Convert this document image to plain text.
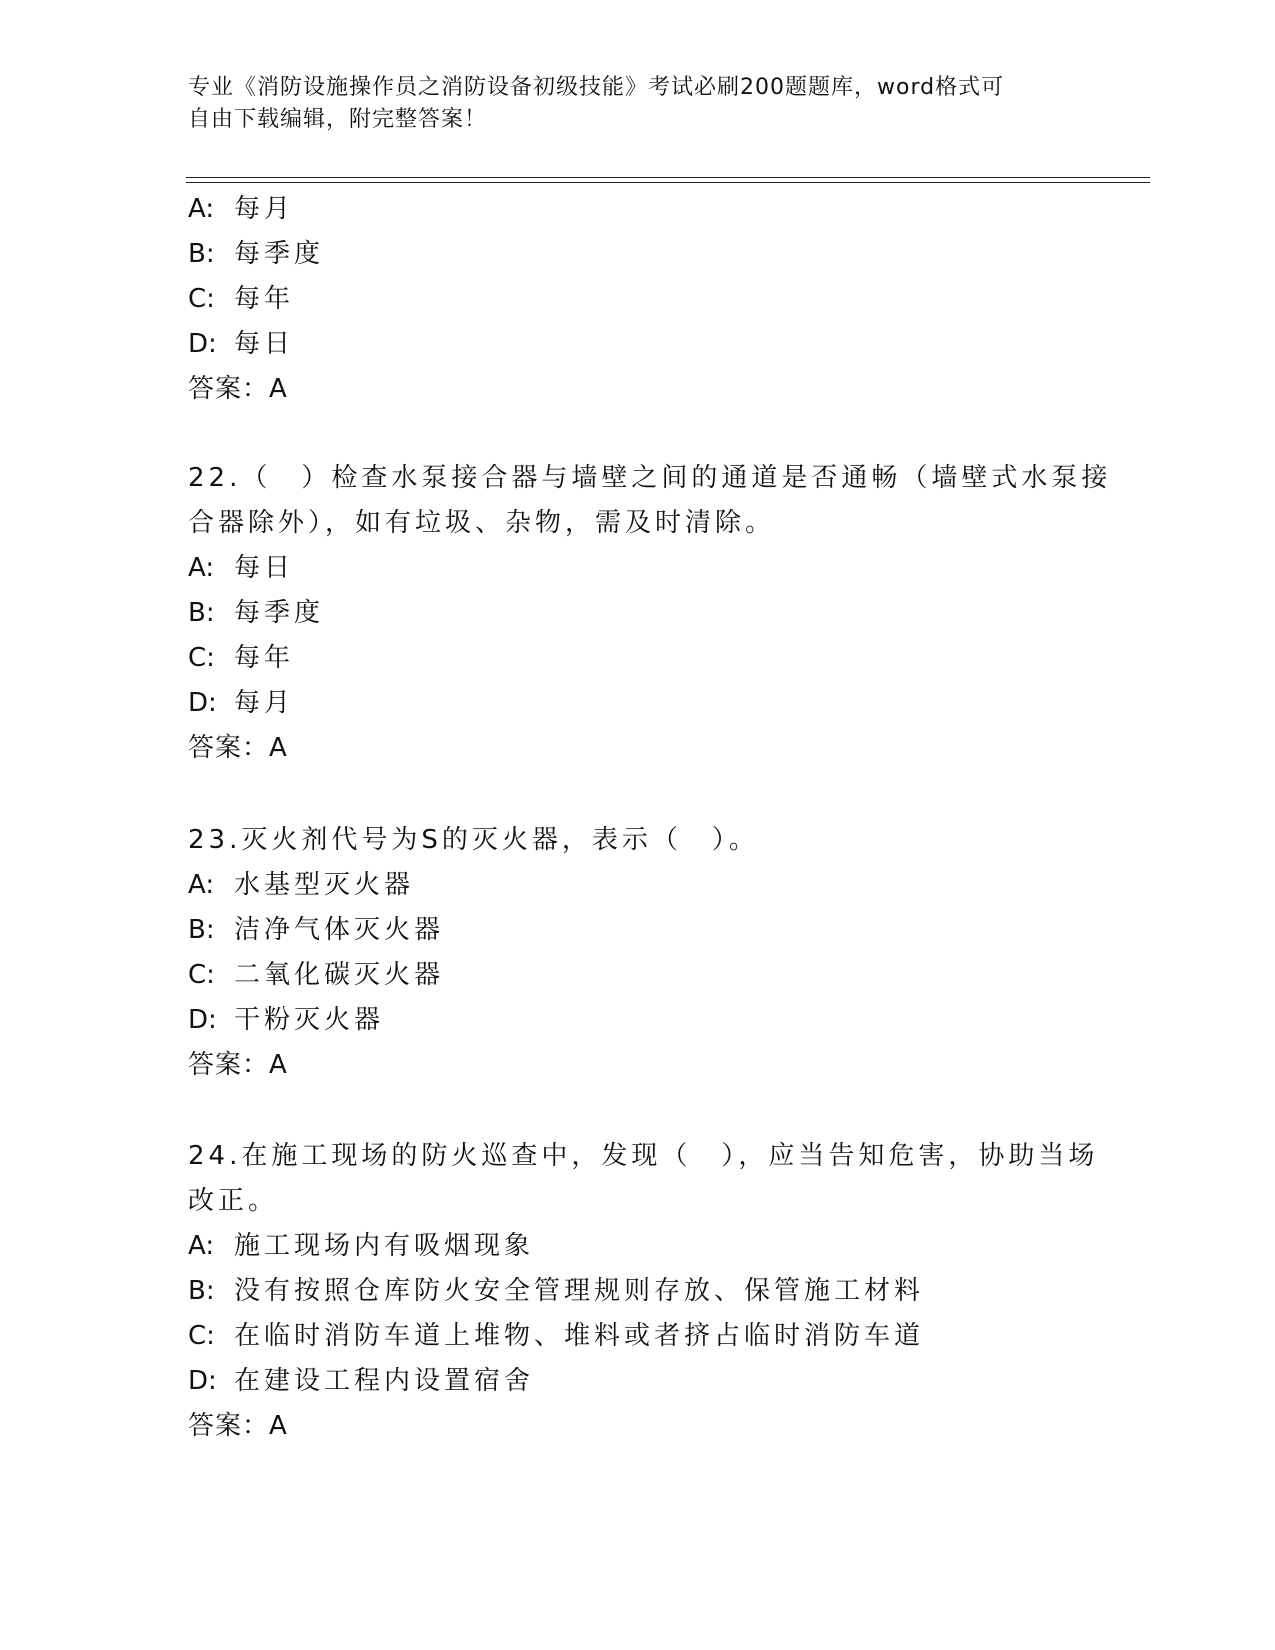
专业《消防设施操作员之消防设备初级技能》考试必刷200题题库，word格式可
自由下载编辑，附完整答案！
A: 每月
B: 每季度
C: 每年
D: 每日
答案：A
22.（　）检查水泵接合器与墙壁之间的通道是否通畅（墙壁式水泵接
合器除外），如有垃圾、杂物，需及时清除。
A: 每日
B: 每季度
C: 每年
D: 每月
答案：A
23.灭火剂代号为S的灭火器，表示（　）。
A: 水基型灭火器
B: 洁净气体灭火器
C: 二氧化碳灭火器
D: 干粉灭火器
答案：A
24.在施工现场的防火巡查中，发现（　），应当告知危害，协助当场
改正。
A: 施工现场内有吸烟现象
B: 没有按照仓库防火安全管理规则存放、保管施工材料
C: 在临时消防车道上堆物、堆料或者挤占临时消防车道
D: 在建设工程内设置宿舍
答案：A
